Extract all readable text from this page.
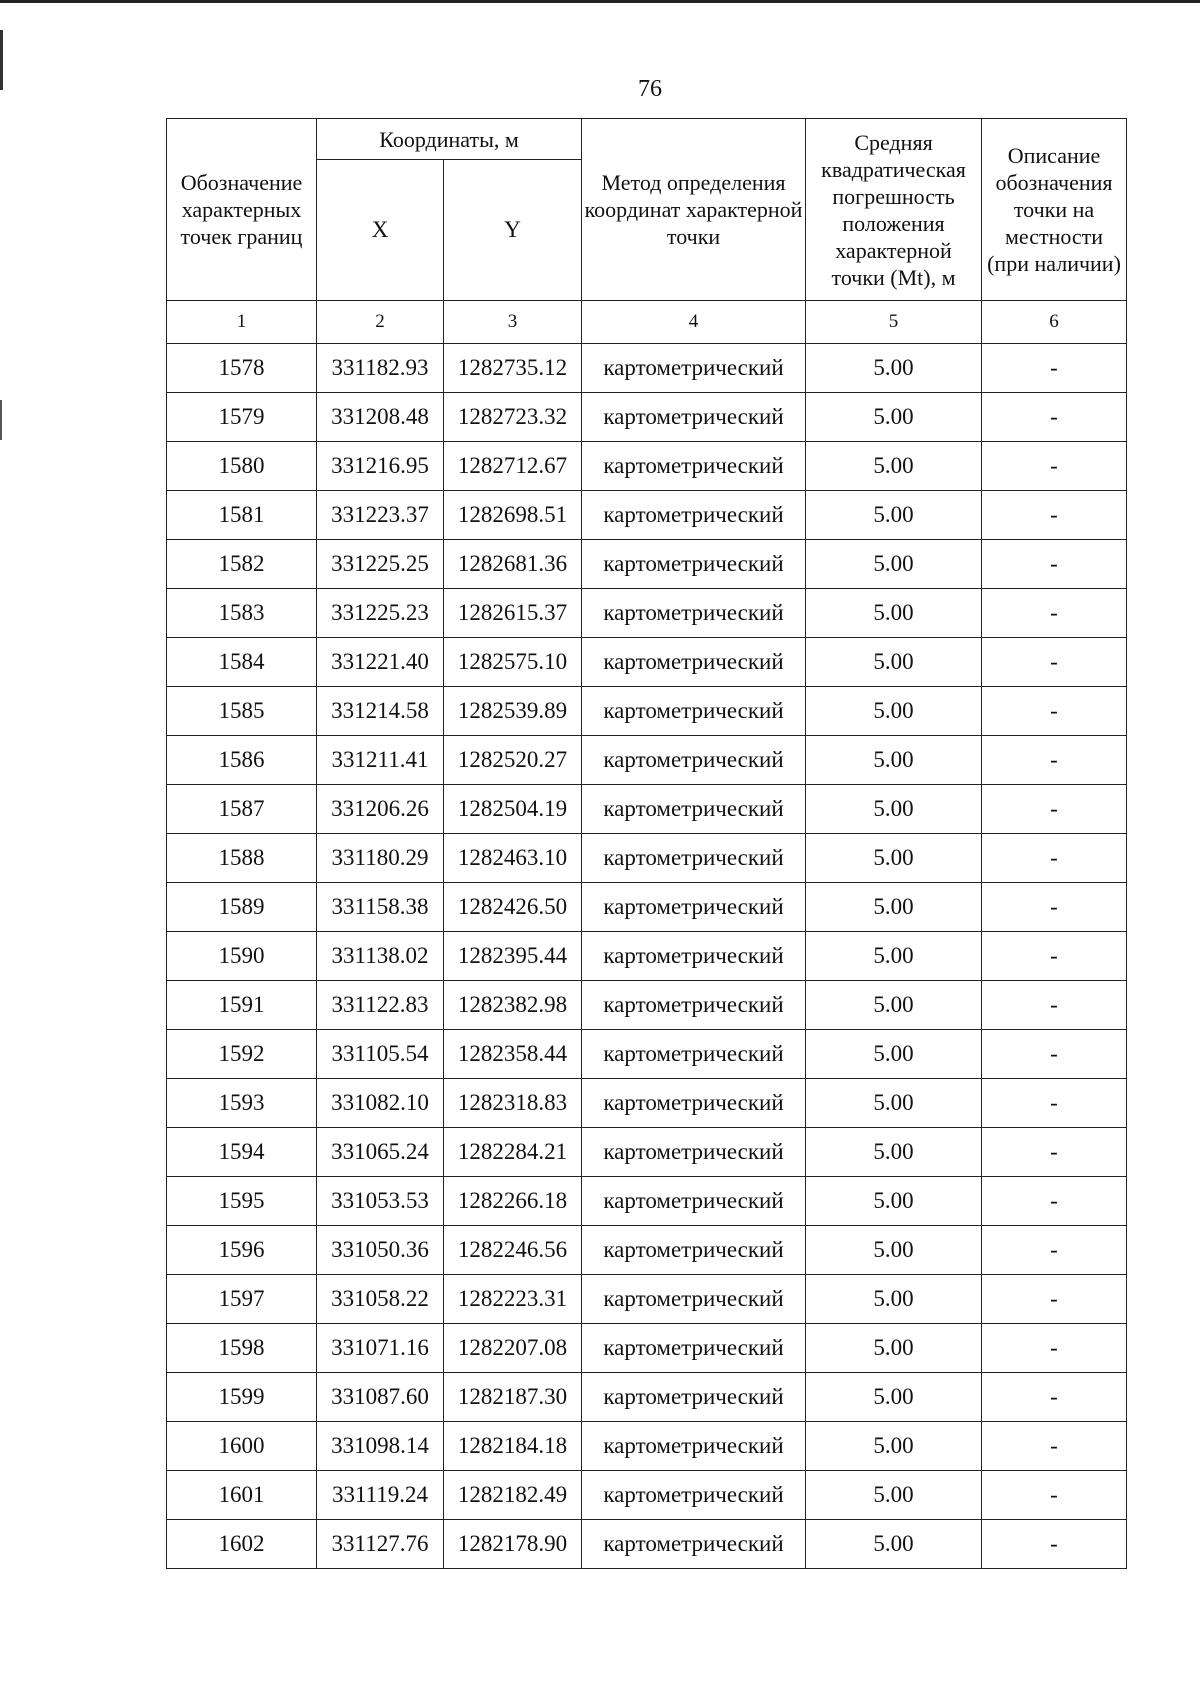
76
Обозначение характерных точек границ	Координаты, м		Метод определения координат характерной точки	Средняя квадратическая погрешность положения характерной точки (Mt), м	Описание обозначения точки на местности (при наличии)
	X	Y			
1	2	3	4	5	6
1578	331182.93	1282735.12	картометрический	5.00	-
1579	331208.48	1282723.32	картометрический	5.00	-
1580	331216.95	1282712.67	картометрический	5.00	-
1581	331223.37	1282698.51	картометрический	5.00	-
1582	331225.25	1282681.36	картометрический	5.00	-
1583	331225.23	1282615.37	картометрический	5.00	-
1584	331221.40	1282575.10	картометрический	5.00	-
1585	331214.58	1282539.89	картометрический	5.00	-
1586	331211.41	1282520.27	картометрический	5.00	-
1587	331206.26	1282504.19	картометрический	5.00	-
1588	331180.29	1282463.10	картометрический	5.00	-
1589	331158.38	1282426.50	картометрический	5.00	-
1590	331138.02	1282395.44	картометрический	5.00	-
1591	331122.83	1282382.98	картометрический	5.00	-
1592	331105.54	1282358.44	картометрический	5.00	-
1593	331082.10	1282318.83	картометрический	5.00	-
1594	331065.24	1282284.21	картометрический	5.00	-
1595	331053.53	1282266.18	картометрический	5.00	-
1596	331050.36	1282246.56	картометрический	5.00	-
1597	331058.22	1282223.31	картометрический	5.00	-
1598	331071.16	1282207.08	картометрический	5.00	-
1599	331087.60	1282187.30	картометрический	5.00	-
1600	331098.14	1282184.18	картометрический	5.00	-
1601	331119.24	1282182.49	картометрический	5.00	-
1602	331127.76	1282178.90	картометрический	5.00	-
